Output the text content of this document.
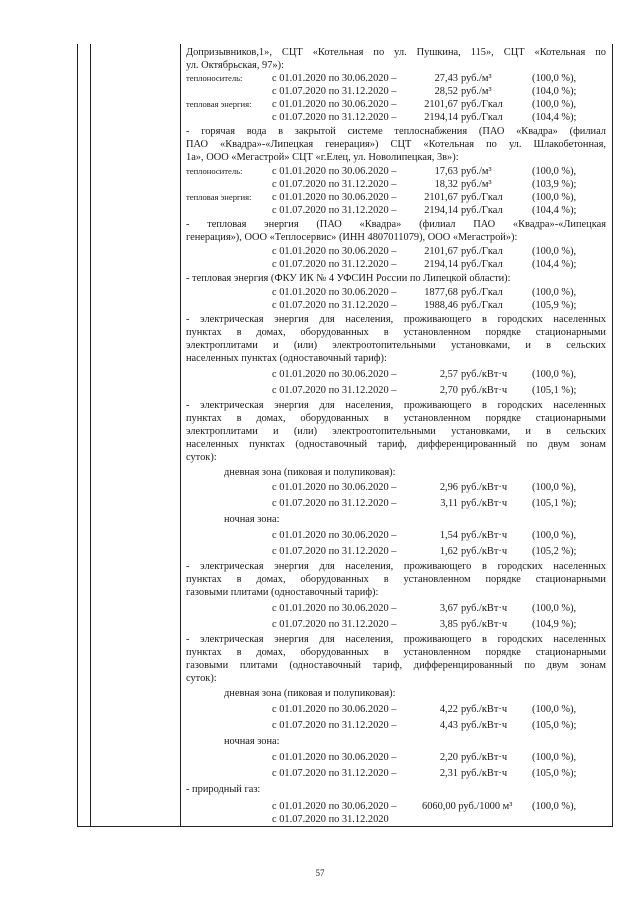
Допризывников,1», СЦТ «Котельная по ул. Пушкина, 115», СЦТ «Котельная по
ул. Октябрьская, 97»):
теплоноситель:	с 01.01.2020 по 30.06.2020 –	27,43 руб./м³	(100,0 %),
с 01.07.2020 по 31.12.2020 –	28,52 руб./м³	(104,0 %);
тепловая энергия: с 01.01.2020 по 30.06.2020 –	2101,67 руб./Гкал	(100,0 %),
с 01.07.2020 по 31.12.2020 –	2194,14 руб./Гкал	(104,4 %);
- горячая вода в закрытой системе теплоснабжения (ПАО «Квадра» (филиал
ПАО «Квадра»-«Липецкая генерация») СЦТ «Котельная по ул. Шлакобетонная,
1а», ООО «Мегастрой» СЦТ «г.Елец, ул. Новолипецкая, 3в»):
теплоноситель:	с 01.01.2020 по 30.06.2020 –	17,63 руб./м³	(100,0 %),
с 01.07.2020 по 31.12.2020 –	18,32 руб./м³	(103,9 %);
тепловая энергия: с 01.01.2020 по 30.06.2020 –	2101,67 руб./Гкал	(100,0 %),
с 01.07.2020 по 31.12.2020 –	2194,14 руб./Гкал	(104,4 %);
- тепловая энергия (ПАО «Квадра» (филиал ПАО «Квадра»-«Липецкая
генерация»), ООО «Теплосервис» (ИНН 4807011079), ООО «Мегастрой»):
с 01.01.2020 по 30.06.2020 –	2101,67 руб./Гкал	(100,0 %),
с 01.07.2020 по 31.12.2020 –	2194,14 руб./Гкал	(104,4 %);
- тепловая энергия (ФКУ ИК № 4 УФСИН России по Липецкой области):
с 01.01.2020 по 30.06.2020 –	1877,68 руб./Гкал	(100,0 %),
с 01.07.2020 по 31.12.2020 –	1988,46 руб./Гкал	(105,9 %);
- электрическая энергия для населения, проживающего в городских населенных
пунктах в домах, оборудованных в установленном порядке стационарными
электроплитами и (или) электроотопительными установками, и в сельских
населенных пунктах (одноставочный тариф):
с 01.01.2020 по 30.06.2020 –	2,57 руб./кВт·ч (100,0 %),
с 01.07.2020 по 31.12.2020 –	2,70 руб./кВт·ч (105,1 %);
- электрическая энергия для населения, проживающего в городских населенных
пунктах в домах, оборудованных в установленном порядке стационарными
электроплитами и (или) электроотопительными установками, и в сельских
населенных пунктах (одноставочный тариф, дифференцированный по двум зонам
суток):
дневная зона (пиковая и полупиковая):
с 01.01.2020 по 30.06.2020 –	2,96 руб./кВт·ч (100,0 %),
с 01.07.2020 по 31.12.2020 –	3,11 руб./кВт·ч (105,1 %);
ночная зона:
с 01.01.2020 по 30.06.2020 –	1,54 руб./кВт·ч (100,0 %),
с 01.07.2020 по 31.12.2020 –	1,62 руб./кВт·ч (105,2 %);
- электрическая энергия для населения, проживающего в городских населенных
пунктах в домах, оборудованных в установленном порядке стационарными
газовыми плитами (одноставочный тариф):
с 01.01.2020 по 30.06.2020 –	3,67 руб./кВт·ч (100,0 %),
с 01.07.2020 по 31.12.2020 –	3,85 руб./кВт·ч (104,9 %);
- электрическая энергия для населения, проживающего в городских населенных
пунктах в домах, оборудованных в установленном порядке стационарными
газовыми плитами (одноставочный тариф, дифференцированный по двум зонам
суток):
дневная зона (пиковая и полупиковая):
с 01.01.2020 по 30.06.2020 –	4,22 руб./кВт·ч (100,0 %),
с 01.07.2020 по 31.12.2020 –	4,43 руб./кВт·ч (105,0 %);
ночная зона:
с 01.01.2020 по 30.06.2020 –	2,20 руб./кВт·ч (100,0 %),
с 01.07.2020 по 31.12.2020 –	2,31 руб./кВт·ч (105,0 %);
- природный газ:
с 01.01.2020 по 30.06.2020 – 6060,00 руб./1000 м³ (100,0 %),
с 01.07.2020 по 31.12.2020
57
